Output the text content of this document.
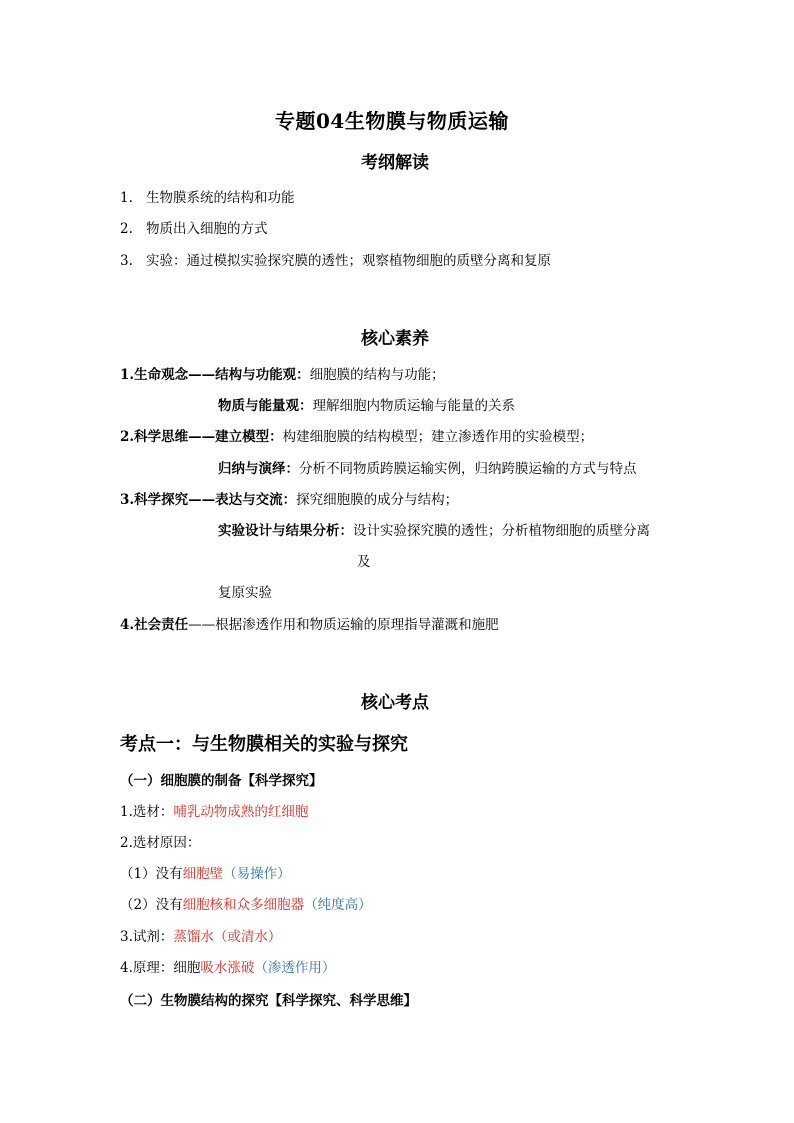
专题04生物膜与物质运输
考纲解读
1. 生物膜系统的结构和功能
2. 物质出入细胞的方式
3. 实验：通过模拟实验探究膜的透性；观察植物细胞的质壁分离和复原
核心素养
1.生命观念——结构与功能观：细胞膜的结构与功能；
物质与能量观：理解细胞内物质运输与能量的关系
2.科学思维——建立模型：构建细胞膜的结构模型；建立渗透作用的实验模型；
归纳与演绎：分析不同物质跨膜运输实例，归纳跨膜运输的方式与特点
3.科学探究——表达与交流：探究细胞膜的成分与结构；
实验设计与结果分析：设计实验探究膜的透性；分析植物细胞的质壁分离
及
复原实验
4.社会责任——根据渗透作用和物质运输的原理指导灌溉和施肥
核心考点
考点一：与生物膜相关的实验与探究
（一）细胞膜的制备【科学探究】
1.选材：哺乳动物成熟的红细胞
2.选材原因：
（1）没有细胞壁（易操作）
（2）没有细胞核和众多细胞器（纯度高）
3.试剂：蒸馏水（或清水）
4.原理：细胞吸水涨破（渗透作用）
（二）生物膜结构的探究【科学探究、科学思维】
